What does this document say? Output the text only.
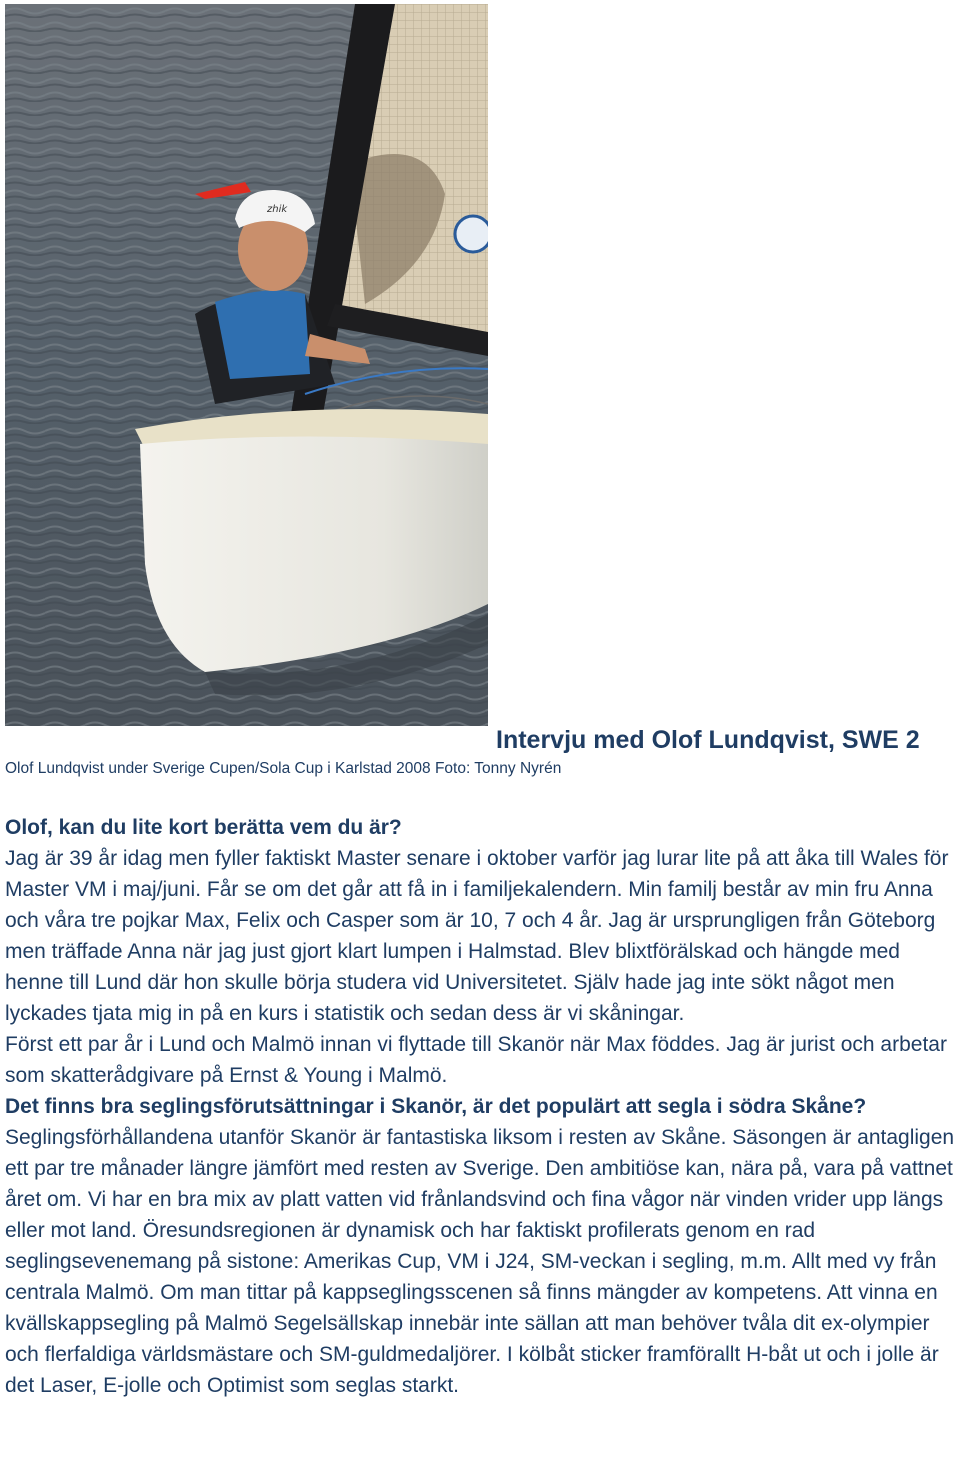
zhik
Intervju med Olof Lundqvist, SWE 2
Olof Lundqvist under Sverige Cupen/Sola Cup i Karlstad 2008 Foto: Tonny Nyrén

Olof, kan du lite kort berätta vem du är?

Jag är 39 år idag men fyller faktiskt Master senare i oktober varför jag lurar lite på att åka till Wales för Master VM i maj/juni. Får se om det går att få in i familjekalendern. Min familj består av min fru Anna och våra tre pojkar Max, Felix och Casper som är 10, 7 och 4 år. Jag är ursprungligen från Göteborg men träffade Anna när jag just gjort klart lumpen i Halmstad. Blev blixtförälskad och hängde med henne till Lund där hon skulle börja studera vid Universitetet. Själv hade jag inte sökt något men lyckades tjata mig in på en kurs i statistik och sedan dess är vi skåningar.

Först ett par år i Lund och Malmö innan vi flyttade till Skanör när Max föddes. Jag är jurist och arbetar som skatterådgivare på Ernst & Young i Malmö.

Det finns bra seglingsförutsättningar i Skanör, är det populärt att segla i södra Skåne?

Seglingsförhållandena utanför Skanör är fantastiska liksom i resten av Skåne. Säsongen är antagligen ett par tre månader längre jämfört med resten av Sverige. Den ambitiöse kan, nära på, vara på vattnet året om. Vi har en bra mix av platt vatten vid frånlandsvind och fina vågor när vinden vrider upp längs eller mot land. Öresundsregionen är dynamisk och har faktiskt profilerats genom en rad seglingsevenemang på sistone: Amerikas Cup, VM i J24, SM-veckan i segling, m.m. Allt med vy från centrala Malmö. Om man tittar på kappseglingsscenen så finns mängder av kompetens. Att vinna en kvällskappsegling på Malmö Segelsällskap innebär inte sällan att man behöver tvåla dit ex-olympier och flerfaldiga världsmästare och SM-guldmedaljörer. I kölbåt sticker framförallt H-båt ut och i jolle är det Laser, E-jolle och Optimist som seglas starkt.
